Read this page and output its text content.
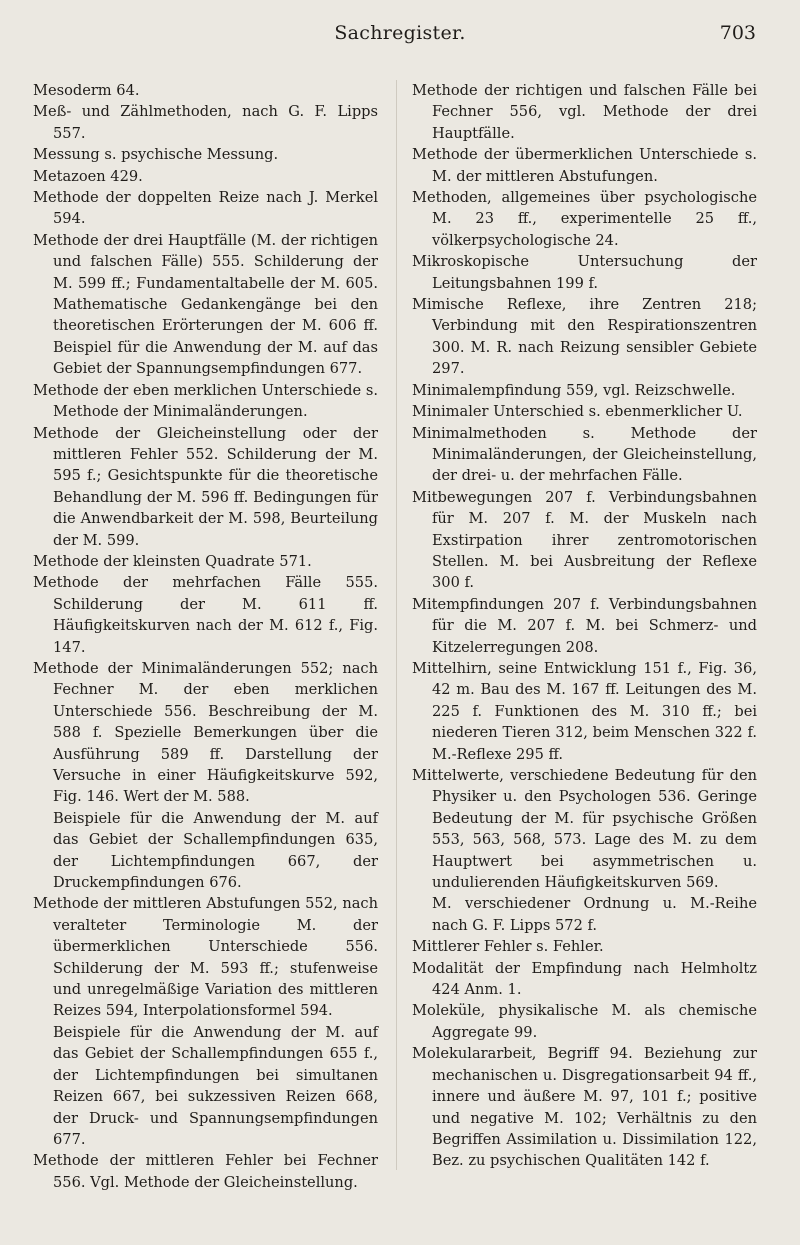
Sachregister.	703

Mesoderm 64.

Meß- und Zählmethoden, nach G. F. Lipps 557.

Messung s. psychische Messung.

Metazoen 429.

Methode der doppelten Reize nach J. Merkel 594.

Methode der drei Hauptfälle (M. der richtigen und falschen Fälle) 555. Schilderung der M. 599 ff.; Fundamentaltabelle der M. 605. Mathematische Gedankengänge bei den theoretischen Erörterungen der M. 606 ff. Beispiel für die Anwendung der M. auf das Gebiet der Spannungsempfindungen 677.

Methode der eben merklichen Unterschiede s. Methode der Minimaländerungen.

Methode der Gleicheinstellung oder der mittleren Fehler 552. Schilderung der M. 595 f.; Gesichtspunkte für die theoretische Behandlung der M. 596 ff. Bedingungen für die Anwendbarkeit der M. 598, Beurteilung der M. 599.

Methode der kleinsten Quadrate 571.

Methode der mehrfachen Fälle 555. Schilderung der M. 611 ff. Häufigkeitskurven nach der M. 612 f., Fig. 147.

Methode der Minimaländerungen 552; nach Fechner M. der eben merklichen Unterschiede 556. Beschreibung der M. 588 f. Spezielle Bemerkungen über die Ausführung 589 ff. Darstellung der Versuche in einer Häufigkeitskurve 592, Fig. 146. Wert der M. 588.

Beispiele für die Anwendung der M. auf das Gebiet der Schallempfindungen 635, der Lichtempfindungen 667, der Druckempfindungen 676.

Methode der mittleren Abstufungen 552, nach veralteter Terminologie M. der übermerklichen Unterschiede 556. Schilderung der M. 593 ff.; stufenweise und unregelmäßige Variation des mittleren Reizes 594, Interpolationsformel 594.

Beispiele für die Anwendung der M. auf das Gebiet der Schallempfindungen 655 f., der Lichtempfindungen bei simultanen Reizen 667, bei sukzessiven Reizen 668, der Druck- und Spannungsempfindungen 677.

Methode der mittleren Fehler bei Fechner 556. Vgl. Methode der Gleicheinstellung.

Methode der richtigen und falschen Fälle bei Fechner 556, vgl. Methode der drei Hauptfälle.

Methode der übermerklichen Unterschiede s. M. der mittleren Abstufungen.

Methoden, allgemeines über psychologische M. 23 ff., experimentelle 25 ff., völkerpsychologische 24.

Mikroskopische Untersuchung der Leitungsbahnen 199 f.

Mimische Reflexe, ihre Zentren 218; Verbindung mit den Respirationszentren 300. M. R. nach Reizung sensibler Gebiete 297.

Minimalempfindung 559, vgl. Reizschwelle.

Minimaler Unterschied s. ebenmerklicher U.

Minimalmethoden s. Methode der Minimaländerungen, der Gleicheinstellung, der drei- u. der mehrfachen Fälle.

Mitbewegungen 207 f. Verbindungsbahnen für M. 207 f. M. der Muskeln nach Exstirpation ihrer zentromotorischen Stellen. M. bei Ausbreitung der Reflexe 300 f.

Mitempfindungen 207 f. Verbindungsbahnen für die M. 207 f. M. bei Schmerz- und Kitzelerregungen 208.

Mittelhirn, seine Entwicklung 151 f., Fig. 36, 42 m. Bau des M. 167 ff. Leitungen des M. 225 f. Funktionen des M. 310 ff.; bei niederen Tieren 312, beim Menschen 322 f. M.-Reflexe 295 ff.

Mittelwerte, verschiedene Bedeutung für den Physiker u. den Psychologen 536. Geringe Bedeutung der M. für psychische Größen 553, 563, 568, 573. Lage des M. zu dem Hauptwert bei asymmetrischen u. undulierenden Häufigkeitskurven 569.

M. verschiedener Ordnung u. M.-Reihe nach G. F. Lipps 572 f.

Mittlerer Fehler s. Fehler.

Modalität der Empfindung nach Helmholtz 424 Anm. 1.

Moleküle, physikalische M. als chemische Aggregate 99.

Molekulararbeit, Begriff 94. Beziehung zur mechanischen u. Disgregationsarbeit 94 ff., innere und äußere M. 97, 101 f.; positive und negative M. 102; Verhältnis zu den Begriffen Assimilation u. Dissimilation 122, Bez. zu psychischen Qualitäten 142 f.
